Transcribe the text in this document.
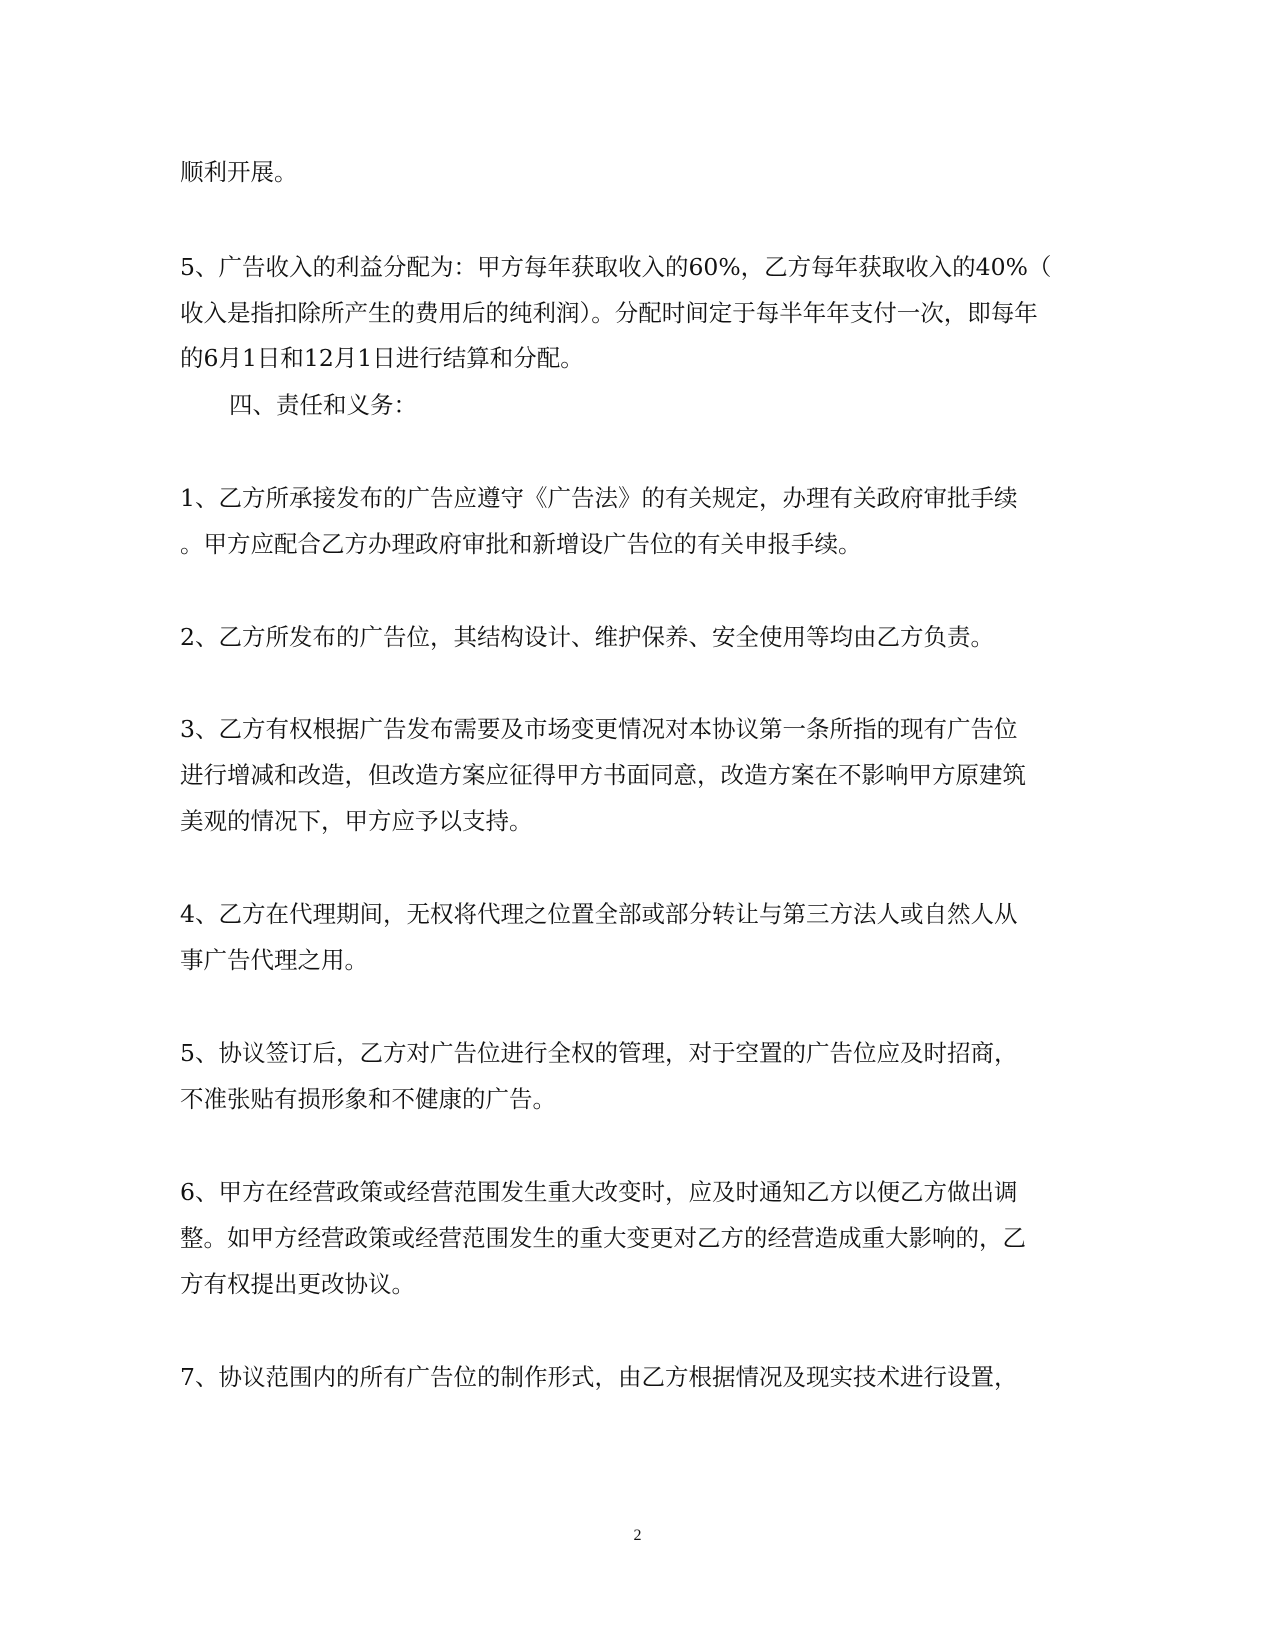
顺利开展。
5、广告收入的利益分配为：甲方每年获取收入的60%，乙方每年获取收入的40%（
收入是指扣除所产生的费用后的纯利润）。分配时间定于每半年年支付一次，即每年
的6月1日和12月1日进行结算和分配。
四、责任和义务：
1、乙方所承接发布的广告应遵守《广告法》的有关规定，办理有关政府审批手续
。甲方应配合乙方办理政府审批和新增设广告位的有关申报手续。
2、乙方所发布的广告位，其结构设计、维护保养、安全使用等均由乙方负责。
3、乙方有权根据广告发布需要及市场变更情况对本协议第一条所指的现有广告位
进行增减和改造，但改造方案应征得甲方书面同意，改造方案在不影响甲方原建筑
美观的情况下，甲方应予以支持。
4、乙方在代理期间，无权将代理之位置全部或部分转让与第三方法人或自然人从
事广告代理之用。
5、协议签订后，乙方对广告位进行全权的管理，对于空置的广告位应及时招商，
不准张贴有损形象和不健康的广告。
6、甲方在经营政策或经营范围发生重大改变时，应及时通知乙方以便乙方做出调
整。如甲方经营政策或经营范围发生的重大变更对乙方的经营造成重大影响的，乙
方有权提出更改协议。
7、协议范围内的所有广告位的制作形式，由乙方根据情况及现实技术进行设置，
2
